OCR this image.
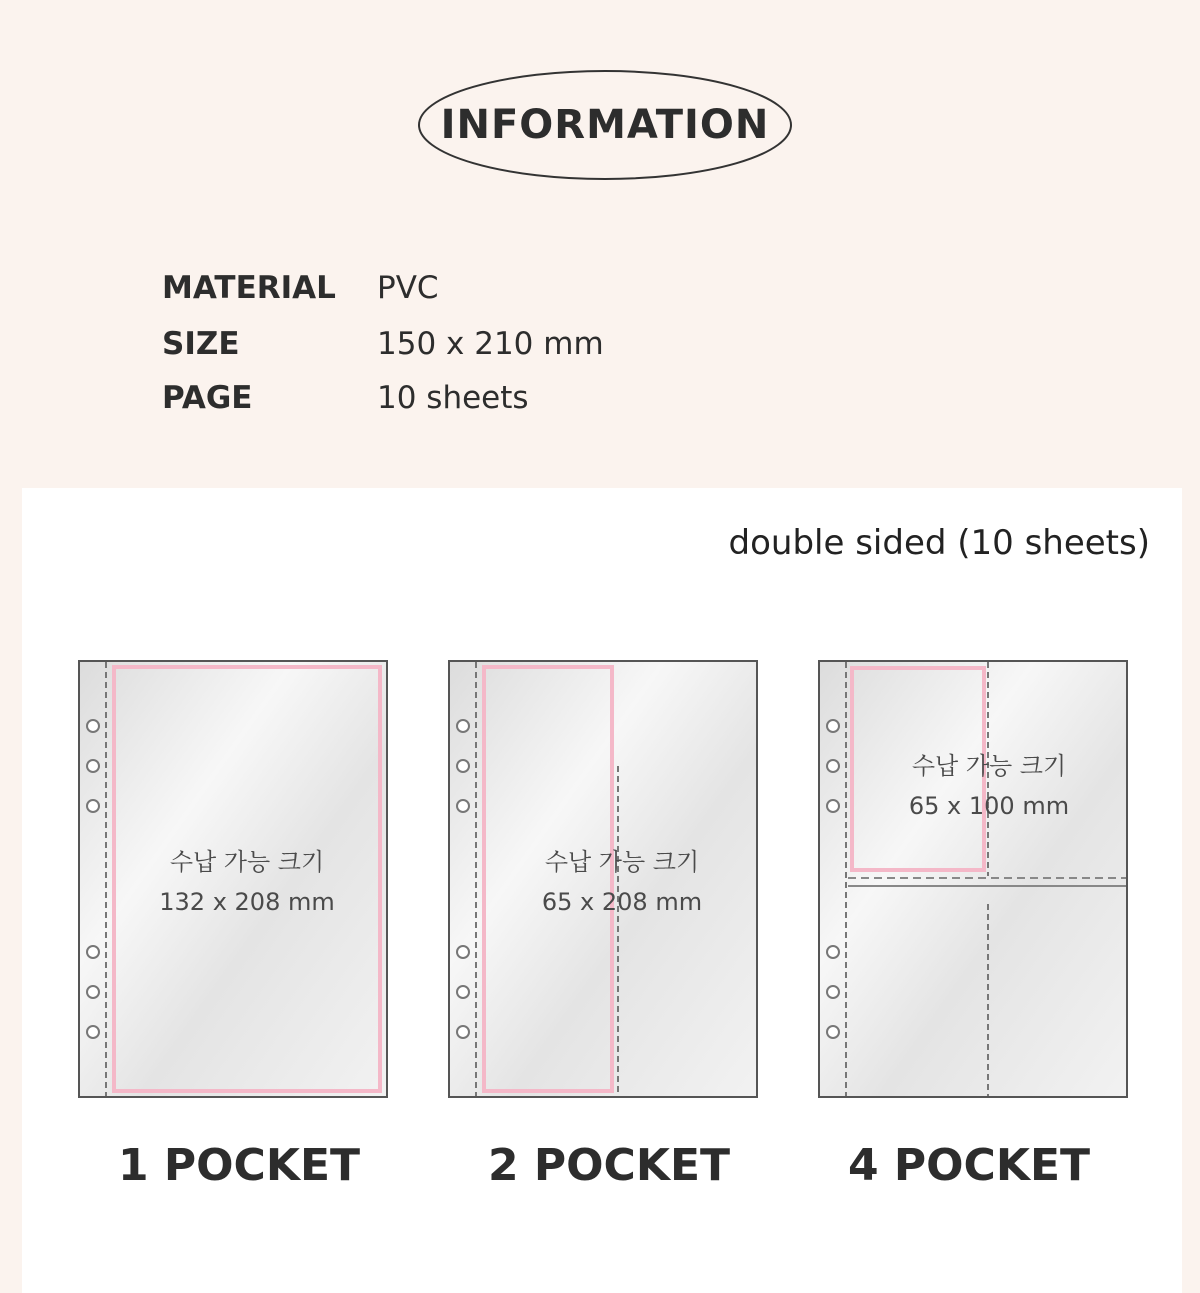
INFORMATION
MATERIAL	PVC
SIZE	150 x 210 mm
PAGE	10 sheets
double sided (10 sheets)
수납 가능 크기
132 x 208 mm
수납 가능 크기
65 x 208 mm
수납 가능 크기
65 x 100 mm
1 POCKET	2 POCKET	4 POCKET
